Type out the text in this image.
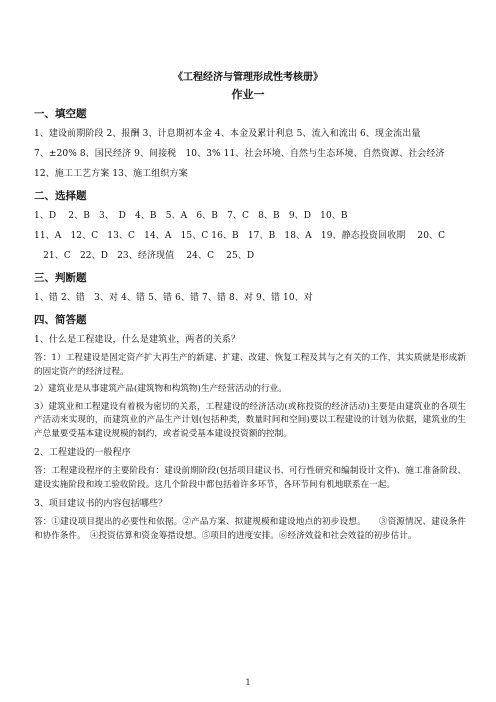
《工程经济与管理形成性考核册》
作业一
一、填空题
1、建设前期阶段 2、报酬 3、计息期初本金 4、本金及累计利息 5、流入和流出 6、现金流出量
7、±20% 8、国民经济 9、间接税　10、3% 11、社会环境、自然与生态环境、自然资源、社会经济
12、施工工艺方案 13、施工组织方案
二、选择题
1、D　 2、B　3、　D　4、B　5、A　6、B　7、C　8、B　9、D　10、B
11、A　12、C　13、C　14、A　15、C 16、B　17、B　18、A　19、静态投资回收期　 20、C
　21、C　22、D　23、经济现值　 24、C　 25、D
三、判断题
1、错 2、错　3、对 4、错 5、错 6、错 7、错 8、对 9、错 10、对
四、简答题
1、什么是工程建设，什么是建筑业，两者的关系？
答：1）工程建设是固定资产扩大再生产的新建、扩建、改建、恢复工程及其与之有关的工作，其实质就是形成新的固定资产的经济过程。
2）建筑业是从事建筑产品(建筑物和构筑物)生产经营活动的行业。
3）建筑业和工程建设有着极为密切的关系，工程建设的经济活动(或称投资的经济活动)主要是由建筑业的各项生产活动来实现的，而建筑业的产品生产计划(包括种类，数量时间和空间)要以工程建设的计划为依据，建筑业的生产总量要受基本建设规模的制约，或者说受基本建设投资额的控制。
2、工程建设的一般程序
答：工程建设程序的主要阶段有：建设前期阶段(包括项目建议书、可行性研究和编制设计文件)、施工准备阶段、建设实施阶段和竣工验收阶段。这几个阶段中都包括着许多环节，各环节间有机地联系在一起。
3、项目建议书的内容包括哪些？
答：①建设项目提出的必要性和依据。②产品方案、拟建规模和建设地点的初步设想。　　③资源情况、建设条件和协作条件。　④投资估算和资金筹措设想。⑤项目的进度安排。⑥经济效益和社会效益的初步估计。
1
